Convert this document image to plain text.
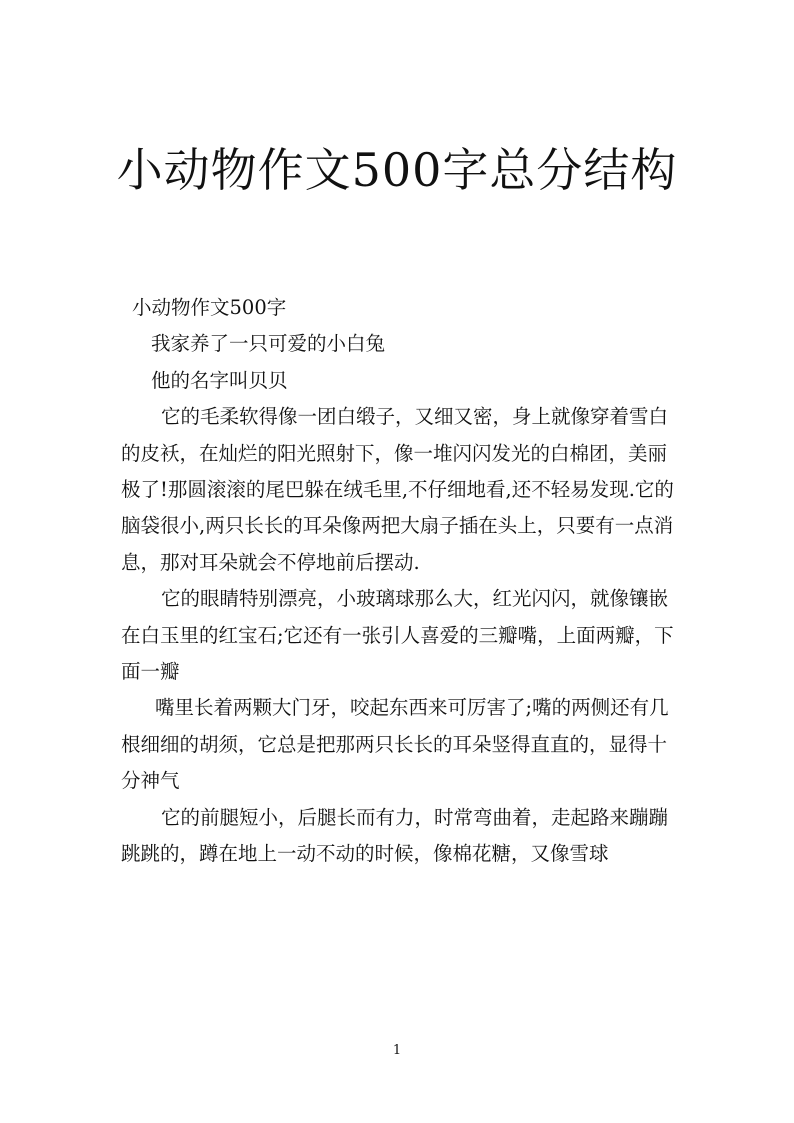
小动物作文500字总分结构

小动物作文500字

我家养了一只可爱的小白兔

他的名字叫贝贝

它的毛柔软得像一团白缎子，又细又密，身上就像穿着雪白的皮袄，在灿烂的阳光照射下，像一堆闪闪发光的白棉团，美丽极了!那圆滚滚的尾巴躲在绒毛里,不仔细地看,还不轻易发现.它的脑袋很小,两只长长的耳朵像两把大扇子插在头上，只要有一点消息，那对耳朵就会不停地前后摆动.

它的眼睛特别漂亮，小玻璃球那么大，红光闪闪，就像镶嵌在白玉里的红宝石;它还有一张引人喜爱的三瓣嘴，上面两瓣，下面一瓣

嘴里长着两颗大门牙，咬起东西来可厉害了;嘴的两侧还有几根细细的胡须，它总是把那两只长长的耳朵竖得直直的，显得十分神气

它的前腿短小，后腿长而有力，时常弯曲着，走起路来蹦蹦跳跳的，蹲在地上一动不动的时候，像棉花糖，又像雪球

1
